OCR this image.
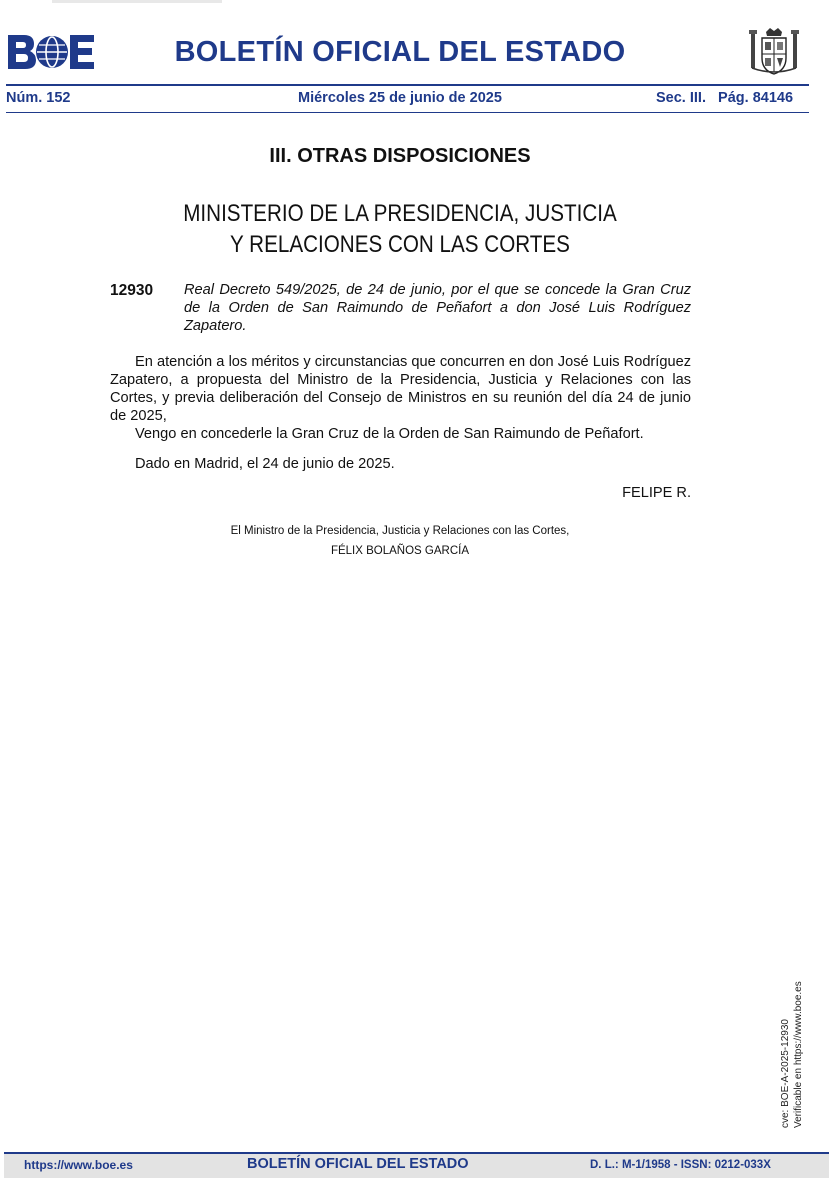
BOLETÍN OFICIAL DEL ESTADO
Núm. 152	Miércoles 25 de junio de 2025	Sec. III.   Pág. 84146
III. OTRAS DISPOSICIONES
MINISTERIO DE LA PRESIDENCIA, JUSTICIA
Y RELACIONES CON LAS CORTES
12930 Real Decreto 549/2025, de 24 de junio, por el que se concede la Gran Cruz de la Orden de San Raimundo de Peñafort a don José Luis Rodríguez Zapatero.

En atención a los méritos y circunstancias que concurren en don José Luis Rodríguez Zapatero, a propuesta del Ministro de la Presidencia, Justicia y Relaciones con las Cortes, y previa deliberación del Consejo de Ministros en su reunión del día 24 de junio de 2025,

Vengo en concederle la Gran Cruz de la Orden de San Raimundo de Peñafort.

Dado en Madrid, el 24 de junio de 2025.
FELIPE R.
El Ministro de la Presidencia, Justicia y Relaciones con las Cortes,
FÉLIX BOLAÑOS GARCÍA
cve: BOE-A-2025-12930 Verificable en https://www.boe.es
https://www.boe.es	BOLETÍN OFICIAL DEL ESTADO	D. L.: M-1/1958 - ISSN: 0212-033X
